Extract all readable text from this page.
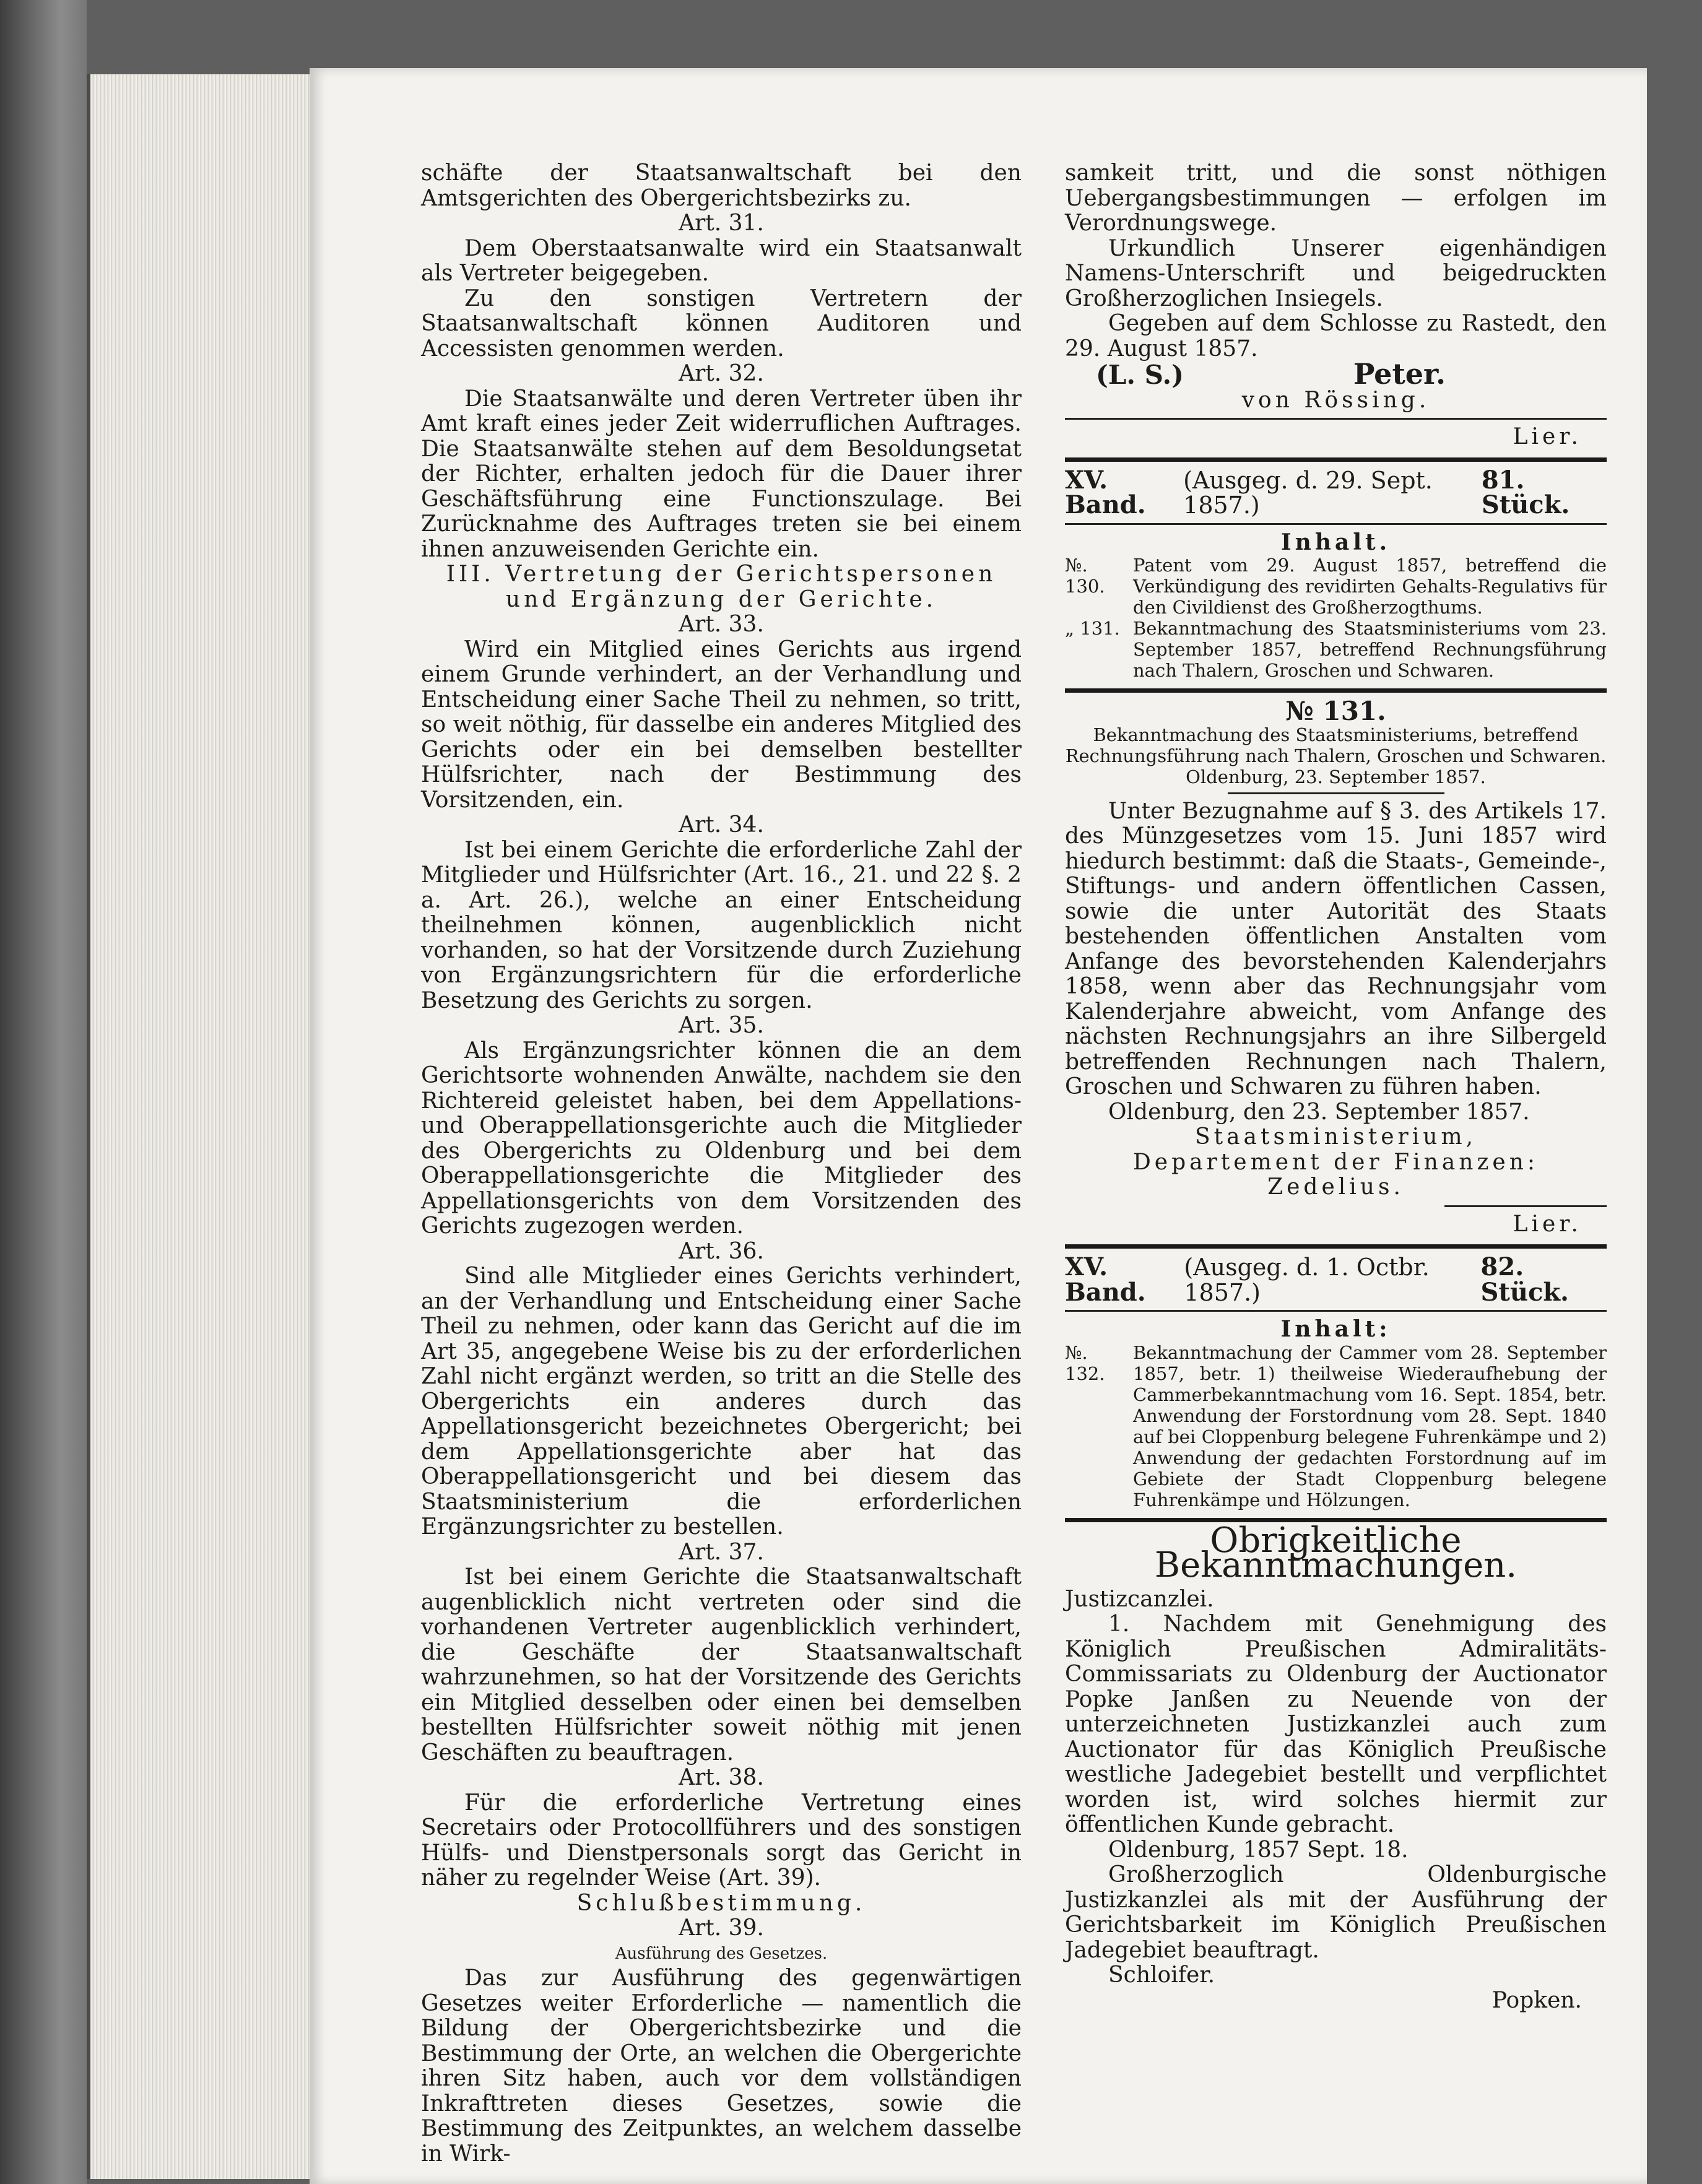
schäfte der Staatsanwaltschaft bei den Amtsgerichten des Obergerichtsbezirks zu.

Art. 31.

Dem Oberstaatsanwalte wird ein Staatsanwalt als Vertreter beigegeben.

Zu den sonstigen Vertretern der Staatsanwaltschaft können Auditoren und Accessisten genommen werden.

Art. 32.

Die Staatsanwälte und deren Vertreter üben ihr Amt kraft eines jeder Zeit widerruflichen Auftrages. Die Staatsanwälte stehen auf dem Besoldungsetat der Richter, erhalten jedoch für die Dauer ihrer Geschäftsführung eine Functionszulage. Bei Zurücknahme des Auftrages treten sie bei einem ihnen anzuweisenden Gerichte ein.

III. Vertretung der Gerichtspersonen und Ergänzung der Gerichte.

Art. 33.

Wird ein Mitglied eines Gerichts aus irgend einem Grunde verhindert, an der Verhandlung und Entscheidung einer Sache Theil zu nehmen, so tritt, so weit nöthig, für dasselbe ein anderes Mitglied des Gerichts oder ein bei demselben bestellter Hülfsrichter, nach der Bestimmung des Vorsitzenden, ein.

Art. 34.

Ist bei einem Gerichte die erforderliche Zahl der Mitglieder und Hülfsrichter (Art. 16., 21. und 22 §. 2 a. Art. 26.), welche an einer Entscheidung theilnehmen können, augenblicklich nicht vorhanden, so hat der Vorsitzende durch Zuziehung von Ergänzungsrichtern für die erforderliche Besetzung des Gerichts zu sorgen.

Art. 35.

Als Ergänzungsrichter können die an dem Gerichtsorte wohnenden Anwälte, nachdem sie den Richtereid geleistet haben, bei dem Appellations- und Oberappellationsgerichte auch die Mitglieder des Obergerichts zu Oldenburg und bei dem Oberappellationsgerichte die Mitglieder des Appellationsgerichts von dem Vorsitzenden des Gerichts zugezogen werden.

Art. 36.

Sind alle Mitglieder eines Gerichts verhindert, an der Verhandlung und Entscheidung einer Sache Theil zu nehmen, oder kann das Gericht auf die im Art 35, angegebene Weise bis zu der erforderlichen Zahl nicht ergänzt werden, so tritt an die Stelle des Obergerichts ein anderes durch das Appellationsgericht bezeichnetes Obergericht; bei dem Appellationsgerichte aber hat das Oberappellationsgericht und bei diesem das Staatsministerium die erforderlichen Ergänzungsrichter zu bestellen.

Art. 37.

Ist bei einem Gerichte die Staatsanwaltschaft augenblicklich nicht vertreten oder sind die vorhandenen Vertreter augenblicklich verhindert, die Geschäfte der Staatsanwaltschaft wahrzunehmen, so hat der Vorsitzende des Gerichts ein Mitglied desselben oder einen bei demselben bestellten Hülfsrichter soweit nöthig mit jenen Geschäften zu beauftragen.

Art. 38.

Für die erforderliche Vertretung eines Secretairs oder Protocollführers und des sonstigen Hülfs- und Dienstpersonals sorgt das Gericht in näher zu regelnder Weise (Art. 39).

Schlußbestimmung.

Art. 39.

Ausführung des Gesetzes.

Das zur Ausführung des gegenwärtigen Gesetzes weiter Erforderliche — namentlich die Bildung der Obergerichtsbezirke und die Bestimmung der Orte, an welchen die Obergerichte ihren Sitz haben, auch vor dem vollständigen Inkrafttreten dieses Gesetzes, sowie die Bestimmung des Zeitpunktes, an welchem dasselbe in Wirk-

samkeit tritt, und die sonst nöthigen Uebergangsbestimmungen — erfolgen im Verordnungswege.

Urkundlich Unserer eigenhändigen Namens-Unterschrift und beigedruckten Großherzoglichen Insiegels.

Gegeben auf dem Schlosse zu Rastedt, den 29. August 1857.

(L. S.)	Peter.

von Rössing.

Lier.

XV. Band.
(Ausgeg. d. 29. Sept. 1857.)
81. Stück.

Inhalt.

№. 130.
Patent vom 29. August 1857, betreffend die Verkündigung des revidirten Gehalts-Regulativs für den Civildienst des Großherzogthums.
„ 131. Bekanntmachung des Staatsministeriums vom 23. September 1857, betreffend Rechnungsführung nach Thalern, Groschen und Schwaren.

№ 131.

Bekanntmachung des Staatsministeriums, betreffend Rechnungsführung nach Thalern, Groschen und Schwaren.

Oldenburg, 23. September 1857.

Unter Bezugnahme auf § 3. des Artikels 17. des Münzgesetzes vom 15. Juni 1857 wird hiedurch bestimmt: daß die Staats-, Gemeinde-, Stiftungs- und andern öffentlichen Cassen, sowie die unter Autorität des Staats bestehenden öffentlichen Anstalten vom Anfange des bevorstehenden Kalenderjahrs 1858, wenn aber das Rechnungsjahr vom Kalenderjahre abweicht, vom Anfange des nächsten Rechnungsjahrs an ihre Silbergeld betreffenden Rechnungen nach Thalern, Groschen und Schwaren zu führen haben.

Oldenburg, den 23. September 1857.

Staatsministerium,

Departement der Finanzen:

Zedelius.

Lier.

XV. Band.
(Ausgeg. d. 1. Octbr. 1857.)
82. Stück.

Inhalt:

№. 132.
Bekanntmachung der Cammer vom 28. September 1857, betr. 1) theilweise Wiederaufhebung der Cammerbekanntmachung vom 16. Sept. 1854, betr. Anwendung der Forstordnung vom 28. Sept. 1840 auf bei Cloppenburg belegene Fuhrenkämpe und 2) Anwendung der gedachten Forstordnung auf im Gebiete der Stadt Cloppenburg belegene Fuhrenkämpe und Hölzungen.

Obrigkeitliche Bekanntmachungen.

Justizcanzlei.

1. Nachdem mit Genehmigung des Königlich Preußischen Admiralitäts-Commissariats zu Oldenburg der Auctionator Popke Janßen zu Neuende von der unterzeichneten Justizkanzlei auch zum Auctionator für das Königlich Preußische westliche Jadegebiet bestellt und verpflichtet worden ist, wird solches hiermit zur öffentlichen Kunde gebracht.

Oldenburg, 1857 Sept. 18.

Großherzoglich Oldenburgische Justizkanzlei als mit der Ausführung der Gerichtsbarkeit im Königlich Preußischen Jadegebiet beauftragt.

Schloifer.

Popken.
